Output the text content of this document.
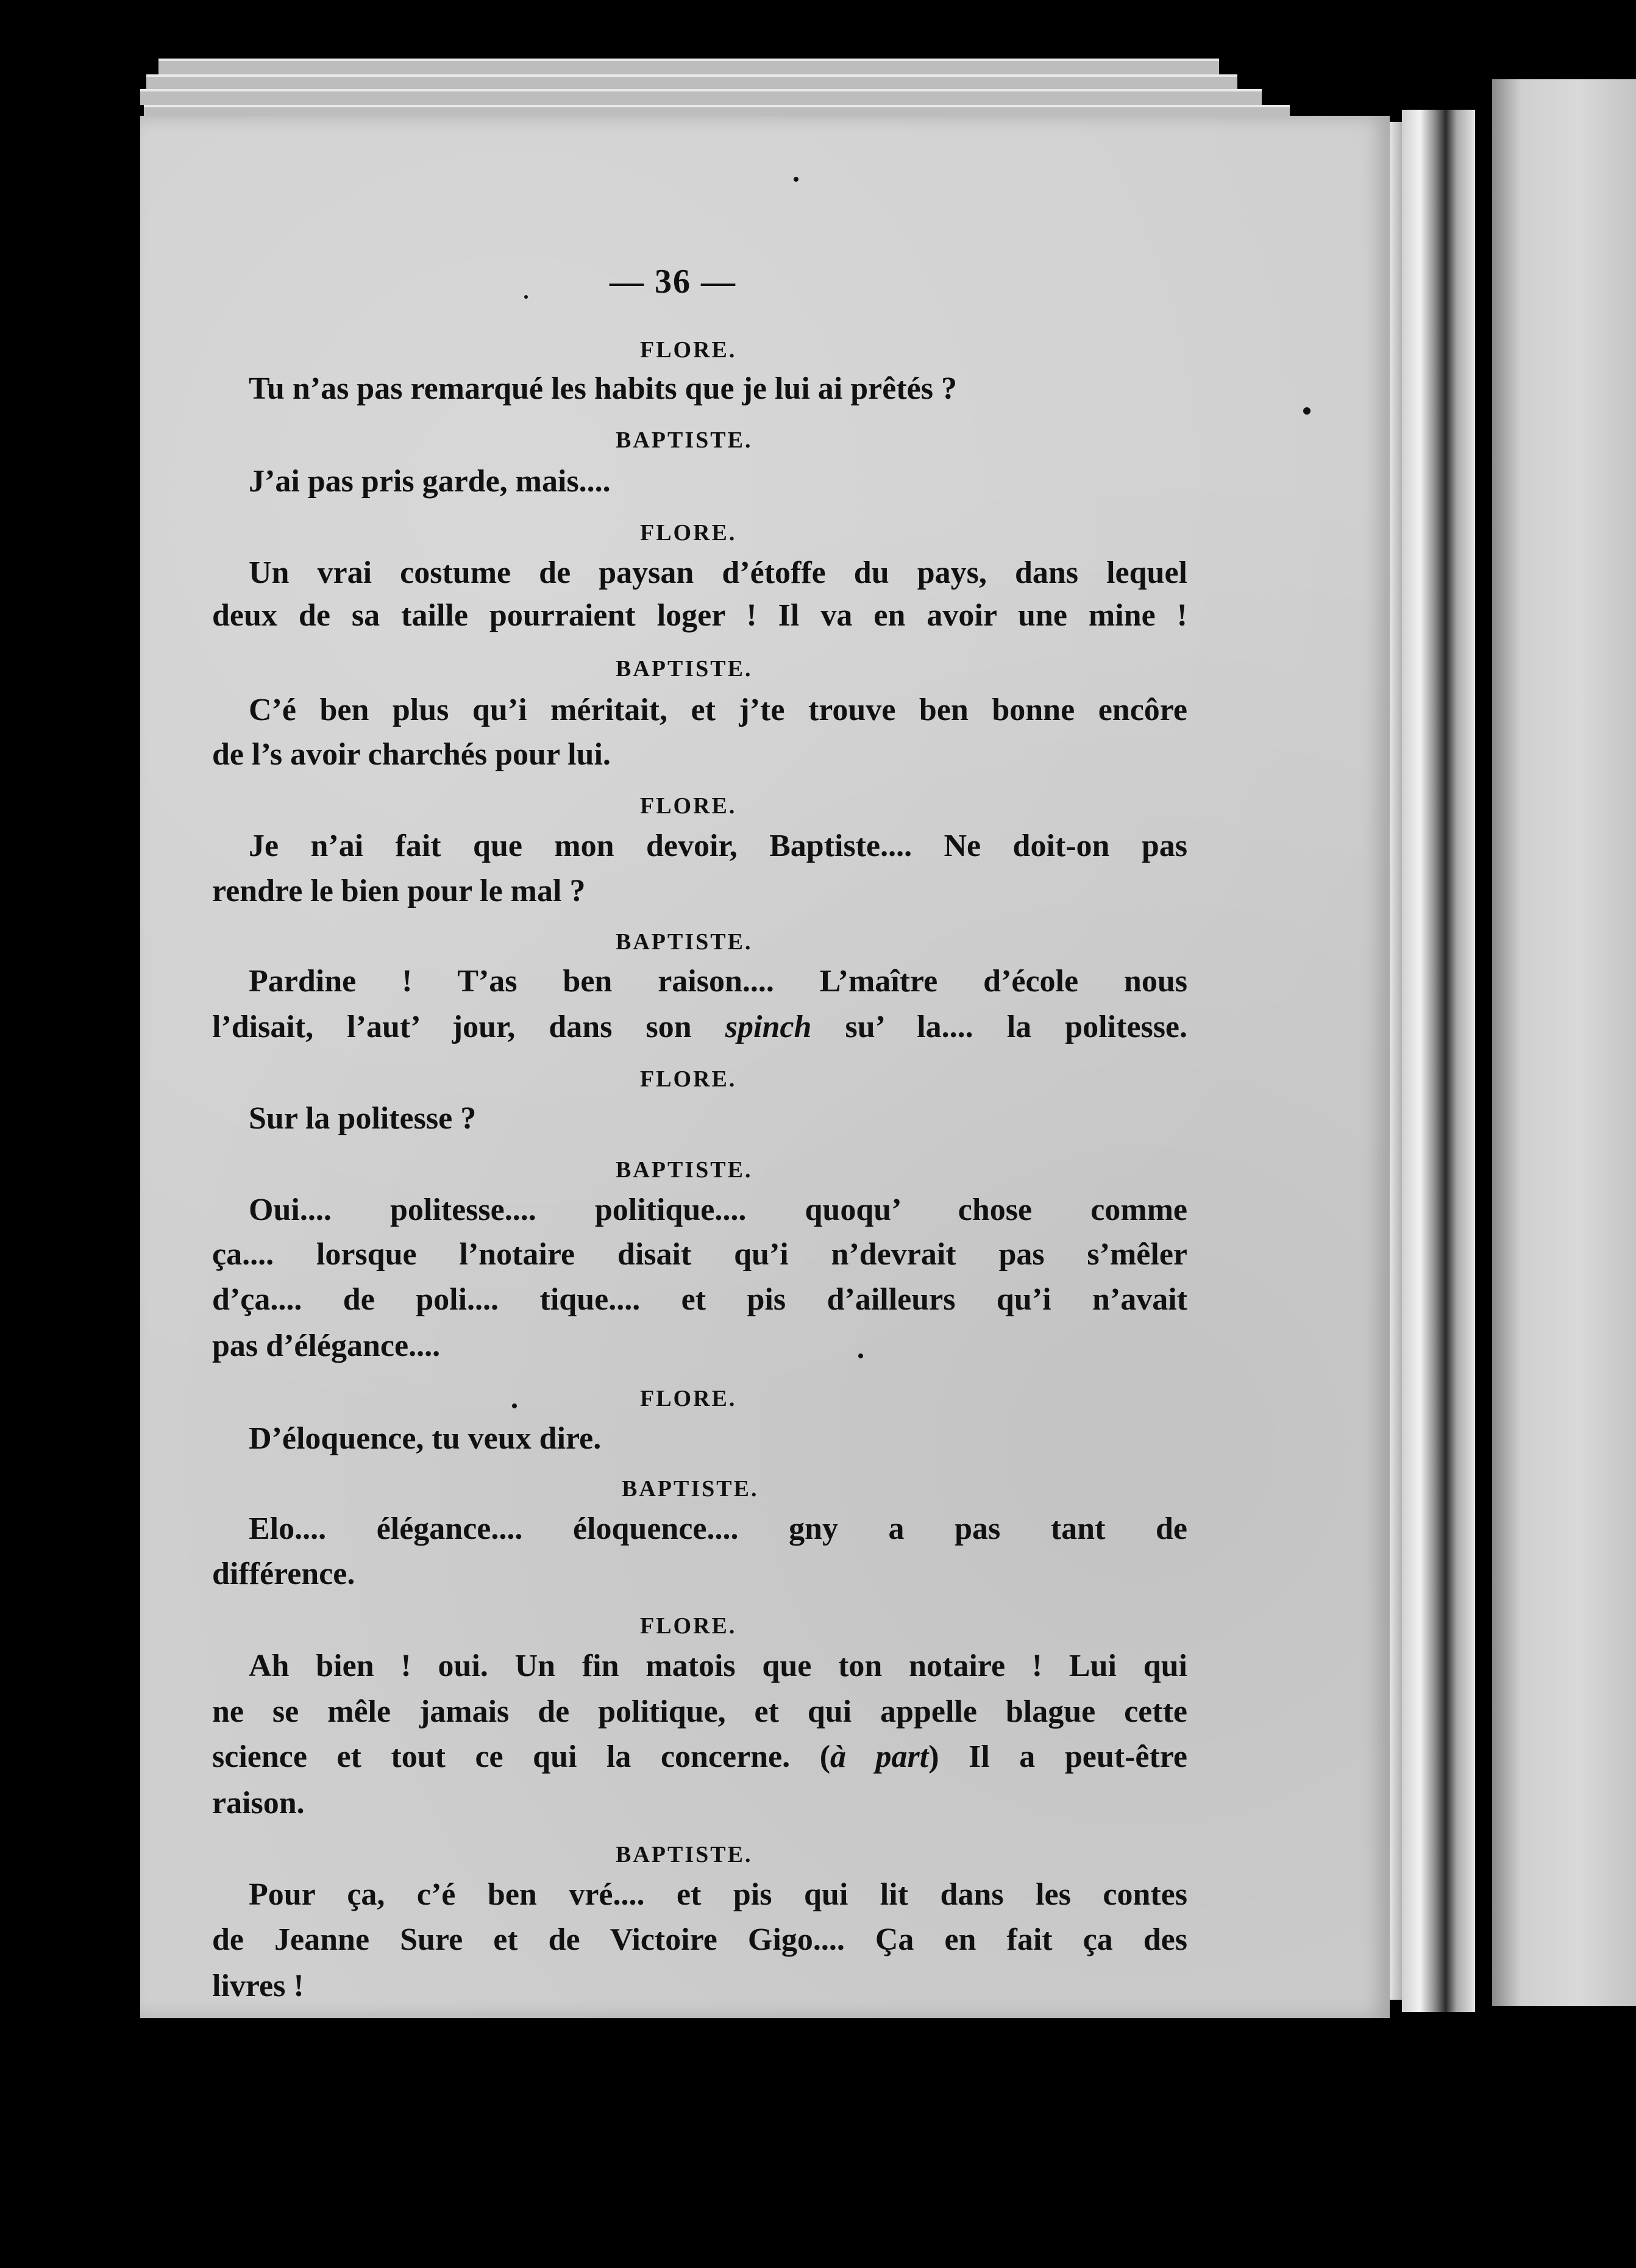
— 36 —

FLORE.

Tu n’as pas remarqué les habits que je lui ai prêtés ?

BAPTISTE.

J’ai pas pris garde, mais....

FLORE.

Un vrai costume de paysan d’étoffe du pays, dans lequel

deux de sa taille pourraient loger ! Il va en avoir une mine !

BAPTISTE.

C’é ben plus qu’i méritait, et j’te trouve ben bonne encôre

de l’s avoir charchés pour lui.

FLORE.

Je n’ai fait que mon devoir, Baptiste.... Ne doit-on pas

rendre le bien pour le mal ?

BAPTISTE.

Pardine ! T’as ben raison.... L’maître d’école nous

l’disait, l’aut’ jour, dans son spinch su’ la.... la politesse.

FLORE.

Sur la politesse ?

BAPTISTE.

Oui.... politesse.... politique.... quoqu’ chose comme

ça.... lorsque l’notaire disait qu’i n’devrait pas s’mêler

d’ça.... de poli.... tique.... et pis d’ailleurs qu’i n’avait

pas d’élégance....

FLORE.

D’éloquence, tu veux dire.

BAPTISTE.

Elo.... élégance.... éloquence.... gny a pas tant de

différence.

FLORE.

Ah bien ! oui. Un fin matois que ton notaire ! Lui qui

ne se mêle jamais de politique, et qui appelle blague cette

science et tout ce qui la concerne. (à part) Il a peut-être

raison.

BAPTISTE.

Pour ça, c’é ben vré.... et pis qui lit dans les contes

de Jeanne Sure et de Victoire Gigo.... Ça en fait ça des

livres !
